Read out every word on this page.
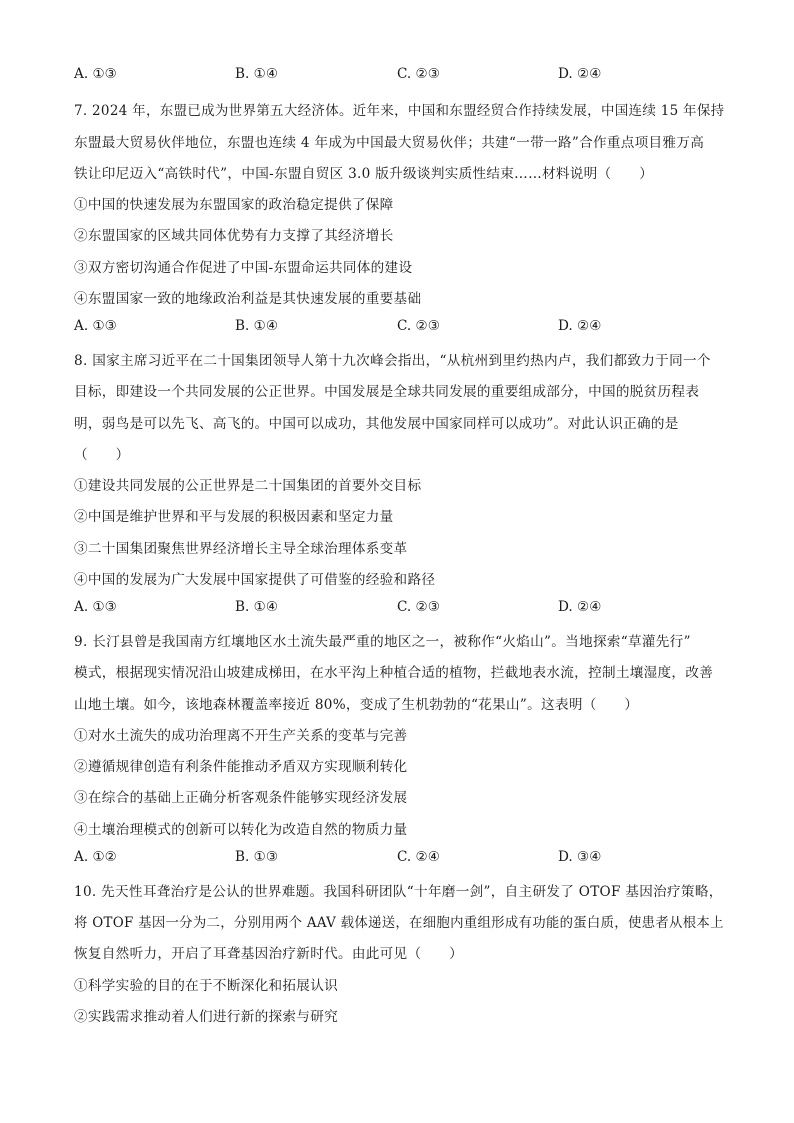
A. ①③	B. ①④	C. ②③	D. ②④
7. 2024 年，东盟已成为世界第五大经济体。近年来，中国和东盟经贸合作持续发展，中国连续 15 年保持
东盟最大贸易伙伴地位，东盟也连续 4 年成为中国最大贸易伙伴；共建“一带一路”合作重点项目雅万高
铁让印尼迈入“高铁时代”，中国-东盟自贸区 3.0 版升级谈判实质性结束……材料说明（　　）
①中国的快速发展为东盟国家的政治稳定提供了保障
②东盟国家的区域共同体优势有力支撑了其经济增长
③双方密切沟通合作促进了中国-东盟命运共同体的建设
④东盟国家一致的地缘政治利益是其快速发展的重要基础
A. ①③	B. ①④	C. ②③	D. ②④
8. 国家主席习近平在二十国集团领导人第十九次峰会指出，“从杭州到里约热内卢，我们都致力于同一个
目标，即建设一个共同发展的公正世界。中国发展是全球共同发展的重要组成部分，中国的脱贫历程表
明，弱鸟是可以先飞、高飞的。中国可以成功，其他发展中国家同样可以成功”。对此认识正确的是
（　　）
①建设共同发展的公正世界是二十国集团的首要外交目标
②中国是维护世界和平与发展的积极因素和坚定力量
③二十国集团聚焦世界经济增长主导全球治理体系变革
④中国的发展为广大发展中国家提供了可借鉴的经验和路径
A. ①③	B. ①④	C. ②③	D. ②④
9. 长汀县曾是我国南方红壤地区水土流失最严重的地区之一，被称作“火焰山”。当地探索“草灌先行”
模式，根据现实情况沿山坡建成梯田，在水平沟上种植合适的植物，拦截地表水流，控制土壤湿度，改善
山地土壤。如今，该地森林覆盖率接近 80%，变成了生机勃勃的“花果山”。这表明（　　）
①对水土流失的成功治理离不开生产关系的变革与完善
②遵循规律创造有利条件能推动矛盾双方实现顺利转化
③在综合的基础上正确分析客观条件能够实现经济发展
④土壤治理模式的创新可以转化为改造自然的物质力量
A. ①②	B. ①③	C. ②④	D. ③④
10. 先天性耳聋治疗是公认的世界难题。我国科研团队“十年磨一剑”，自主研发了 OTOF 基因治疗策略，
将 OTOF 基因一分为二，分别用两个 AAV 载体递送，在细胞内重组形成有功能的蛋白质，使患者从根本上
恢复自然听力，开启了耳聋基因治疗新时代。由此可见（　　）
①科学实验的目的在于不断深化和拓展认识
②实践需求推动着人们进行新的探索与研究
